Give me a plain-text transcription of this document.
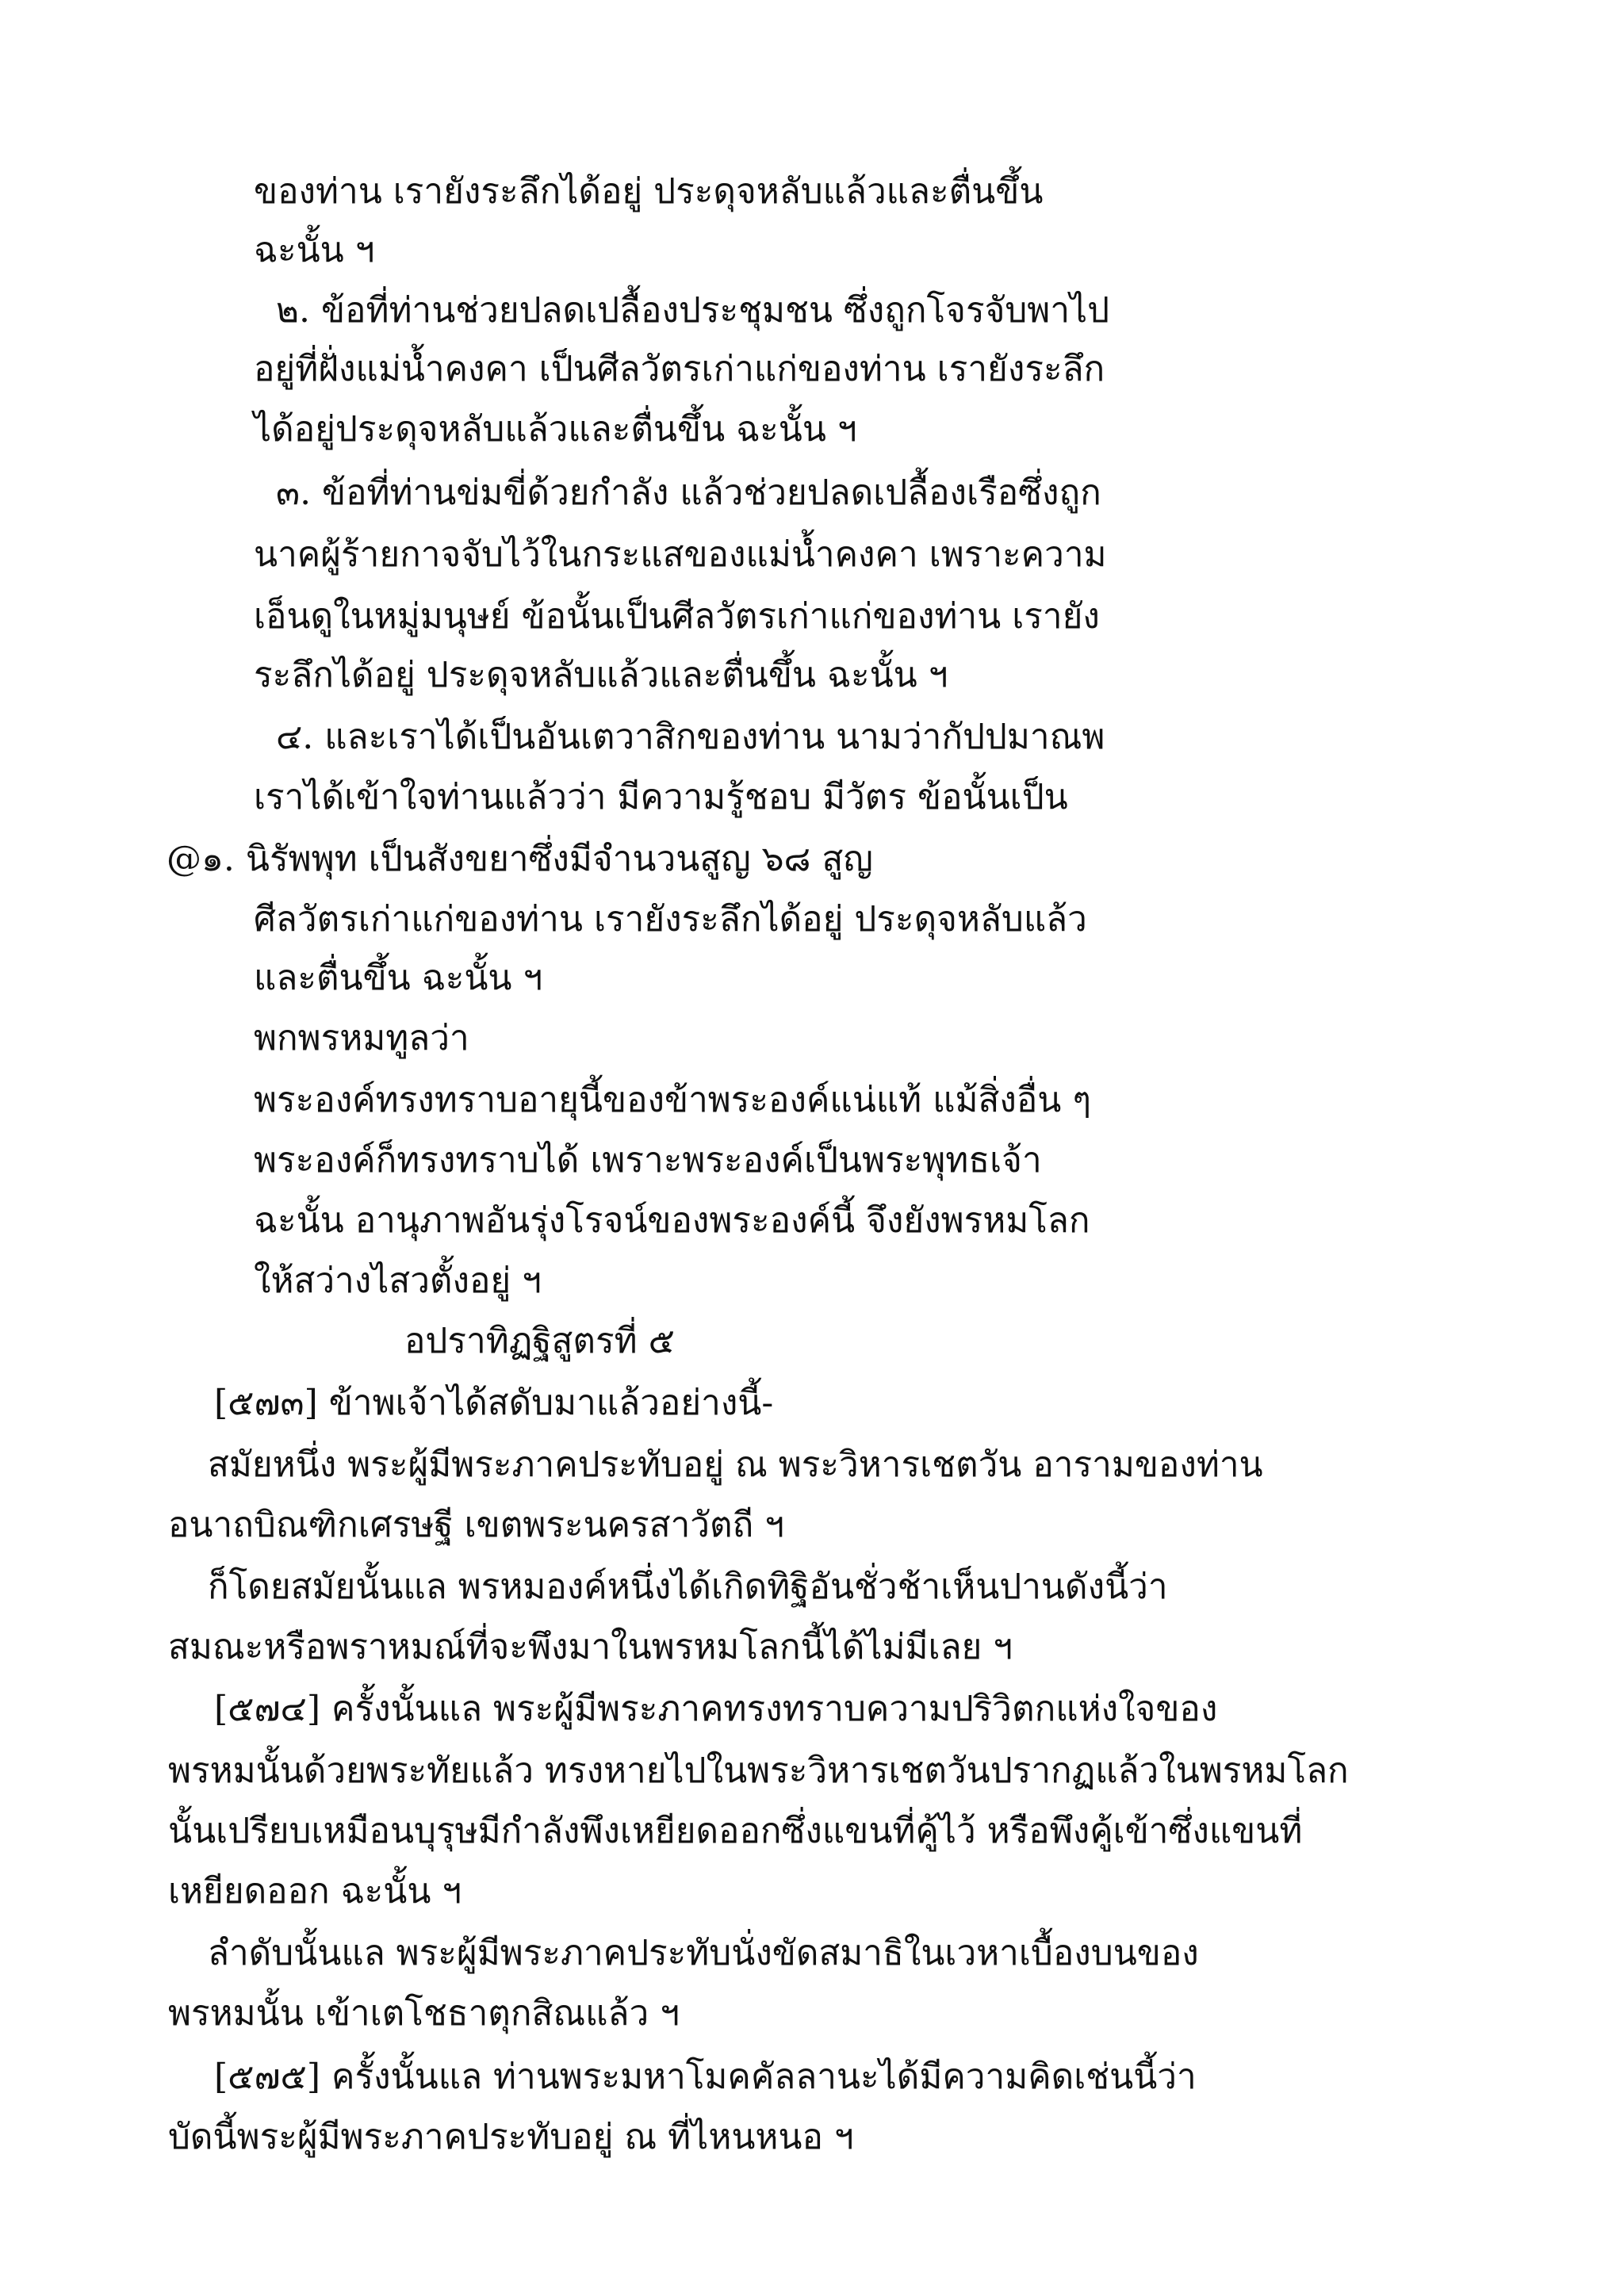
ของท่าน เรายังระลึกได้อยู่ ประดุจหลับแล้วและตื่นขึ้น
ฉะนั้น ฯ
๒. ข้อที่ท่านช่วยปลดเปลื้องประชุมชน ซึ่งถูกโจรจับพาไป
อยู่ที่ฝั่งแม่น้ำคงคา เป็นศีลวัตรเก่าแก่ของท่าน เรายังระลึก
ได้อยู่ประดุจหลับแล้วและตื่นขึ้น ฉะนั้น ฯ
๓. ข้อที่ท่านข่มขี่ด้วยกำลัง แล้วช่วยปลดเปลื้องเรือซึ่งถูก
นาคผู้ร้ายกาจจับไว้ในกระแสของแม่น้ำคงคา เพราะความ
เอ็นดูในหมู่มนุษย์ ข้อนั้นเป็นศีลวัตรเก่าแก่ของท่าน เรายัง
ระลึกได้อยู่ ประดุจหลับแล้วและตื่นขึ้น ฉะนั้น ฯ
๔. และเราได้เป็นอันเตวาสิกของท่าน นามว่ากัปปมาณพ
เราได้เข้าใจท่านแล้วว่า มีความรู้ชอบ มีวัตร ข้อนั้นเป็น
@๑. นิรัพพุท เป็นสังขยาซึ่งมีจำนวนสูญ ๖๘ สูญ
ศีลวัตรเก่าแก่ของท่าน เรายังระลึกได้อยู่ ประดุจหลับแล้ว
และตื่นขึ้น ฉะนั้น ฯ
พกพรหมทูลว่า
พระองค์ทรงทราบอายุนี้ของข้าพระองค์แน่แท้ แม้สิ่งอื่น ๆ
พระองค์ก็ทรงทราบได้ เพราะพระองค์เป็นพระพุทธเจ้า
ฉะนั้น อานุภาพอันรุ่งโรจน์ของพระองค์นี้ จึงยังพรหมโลก
ให้สว่างไสวตั้งอยู่ ฯ
อปราทิฏฐิสูตรที่ ๕
[๕๗๓] ข้าพเจ้าได้สดับมาแล้วอย่างนี้-
สมัยหนึ่ง พระผู้มีพระภาคประทับอยู่ ณ พระวิหารเชตวัน อารามของท่าน
อนาถบิณฑิกเศรษฐี เขตพระนครสาวัตถี ฯ
ก็โดยสมัยนั้นแล พรหมองค์หนึ่งได้เกิดทิฐิอันชั่วช้าเห็นปานดังนี้ว่า
สมณะหรือพราหมณ์ที่จะพึงมาในพรหมโลกนี้ได้ไม่มีเลย ฯ
[๕๗๔] ครั้งนั้นแล พระผู้มีพระภาคทรงทราบความปริวิตกแห่งใจของ
พรหมนั้นด้วยพระทัยแล้ว ทรงหายไปในพระวิหารเชตวันปรากฏแล้วในพรหมโลก
นั้นเปรียบเหมือนบุรุษมีกำลังพึงเหยียดออกซึ่งแขนที่คู้ไว้ หรือพึงคู้เข้าซึ่งแขนที่
เหยียดออก ฉะนั้น ฯ
ลำดับนั้นแล พระผู้มีพระภาคประทับนั่งขัดสมาธิในเวหาเบื้องบนของ
พรหมนั้น เข้าเตโชธาตุกสิณแล้ว ฯ
[๕๗๕] ครั้งนั้นแล ท่านพระมหาโมคคัลลานะได้มีความคิดเช่นนี้ว่า
บัดนี้พระผู้มีพระภาคประทับอยู่ ณ ที่ไหนหนอ ฯ
